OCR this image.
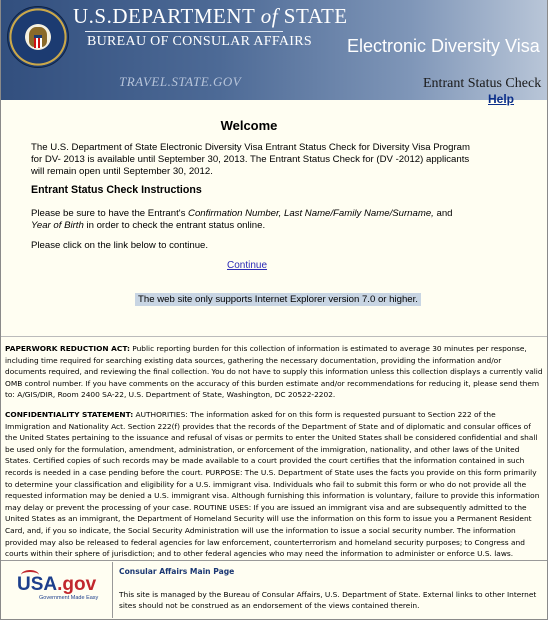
U.S.DEPARTMENT of STATE
BUREAU OF CONSULAR AFFAIRS
TRAVEL.STATE.GOV
Electronic Diversity Visa
Entrant Status Check
Help
Welcome
The U.S. Department of State Electronic Diversity Visa Entrant Status Check for Diversity Visa Program for DV- 2013 is available until September 30, 2013. The Entrant Status Check for (DV -2012) applicants will remain open until September 30, 2012.
Entrant Status Check Instructions
Please be sure to have the Entrant's Confirmation Number, Last Name/Family Name/Surname, and Year of Birth in order to check the entrant status online.
Please click on the link below to continue.
Continue
The web site only supports Internet Explorer version 7.0 or higher.
PAPERWORK REDUCTION ACT: Public reporting burden for this collection of information is estimated to average 30 minutes per response, including time required for searching existing data sources, gathering the necessary documentation, providing the information and/or documents required, and reviewing the final collection. You do not have to supply this information unless this collection displays a currently valid OMB control number. If you have comments on the accuracy of this burden estimate and/or recommendations for reducing it, please send them to: A/GIS/DIR, Room 2400 SA-22, U.S. Department of State, Washington, DC 20522-2202.
CONFIDENTIALITY STATEMENT: AUTHORITIES: The information asked for on this form is requested pursuant to Section 222 of the Immigration and Nationality Act. Section 222(f) provides that the records of the Department of State and of diplomatic and consular offices of the United States pertaining to the issuance and refusal of visas or permits to enter the United States shall be considered confidential and shall be used only for the formulation, amendment, administration, or enforcement of the immigration, nationality, and other laws of the United States. Certified copies of such records may be made available to a court provided the court certifies that the information contained in such records is needed in a case pending before the court. PURPOSE: The U.S. Department of State uses the facts you provide on this form primarily to determine your classification and eligibility for a U.S. immigrant visa. Individuals who fail to submit this form or who do not provide all the requested information may be denied a U.S. immigrant visa. Although furnishing this information is voluntary, failure to provide this information may delay or prevent the processing of your case. ROUTINE USES: If you are issued an immigrant visa and are subsequently admitted to the United States as an immigrant, the Department of Homeland Security will use the information on this form to issue you a Permanent Resident Card, and, if you so indicate, the Social Security Administration will use the information to issue a social security number. The information provided may also be released to federal agencies for law enforcement, counterterrorism and homeland security purposes; to Congress and courts within their sphere of jurisdiction; and to other federal agencies who may need the information to administer or enforce U.S. laws.
USA.gov
Government Made Easy
Consular Affairs Main Page
This site is managed by the Bureau of Consular Affairs, U.S. Department of State. External links to other Internet sites should not be construed as an endorsement of the views contained therein.
